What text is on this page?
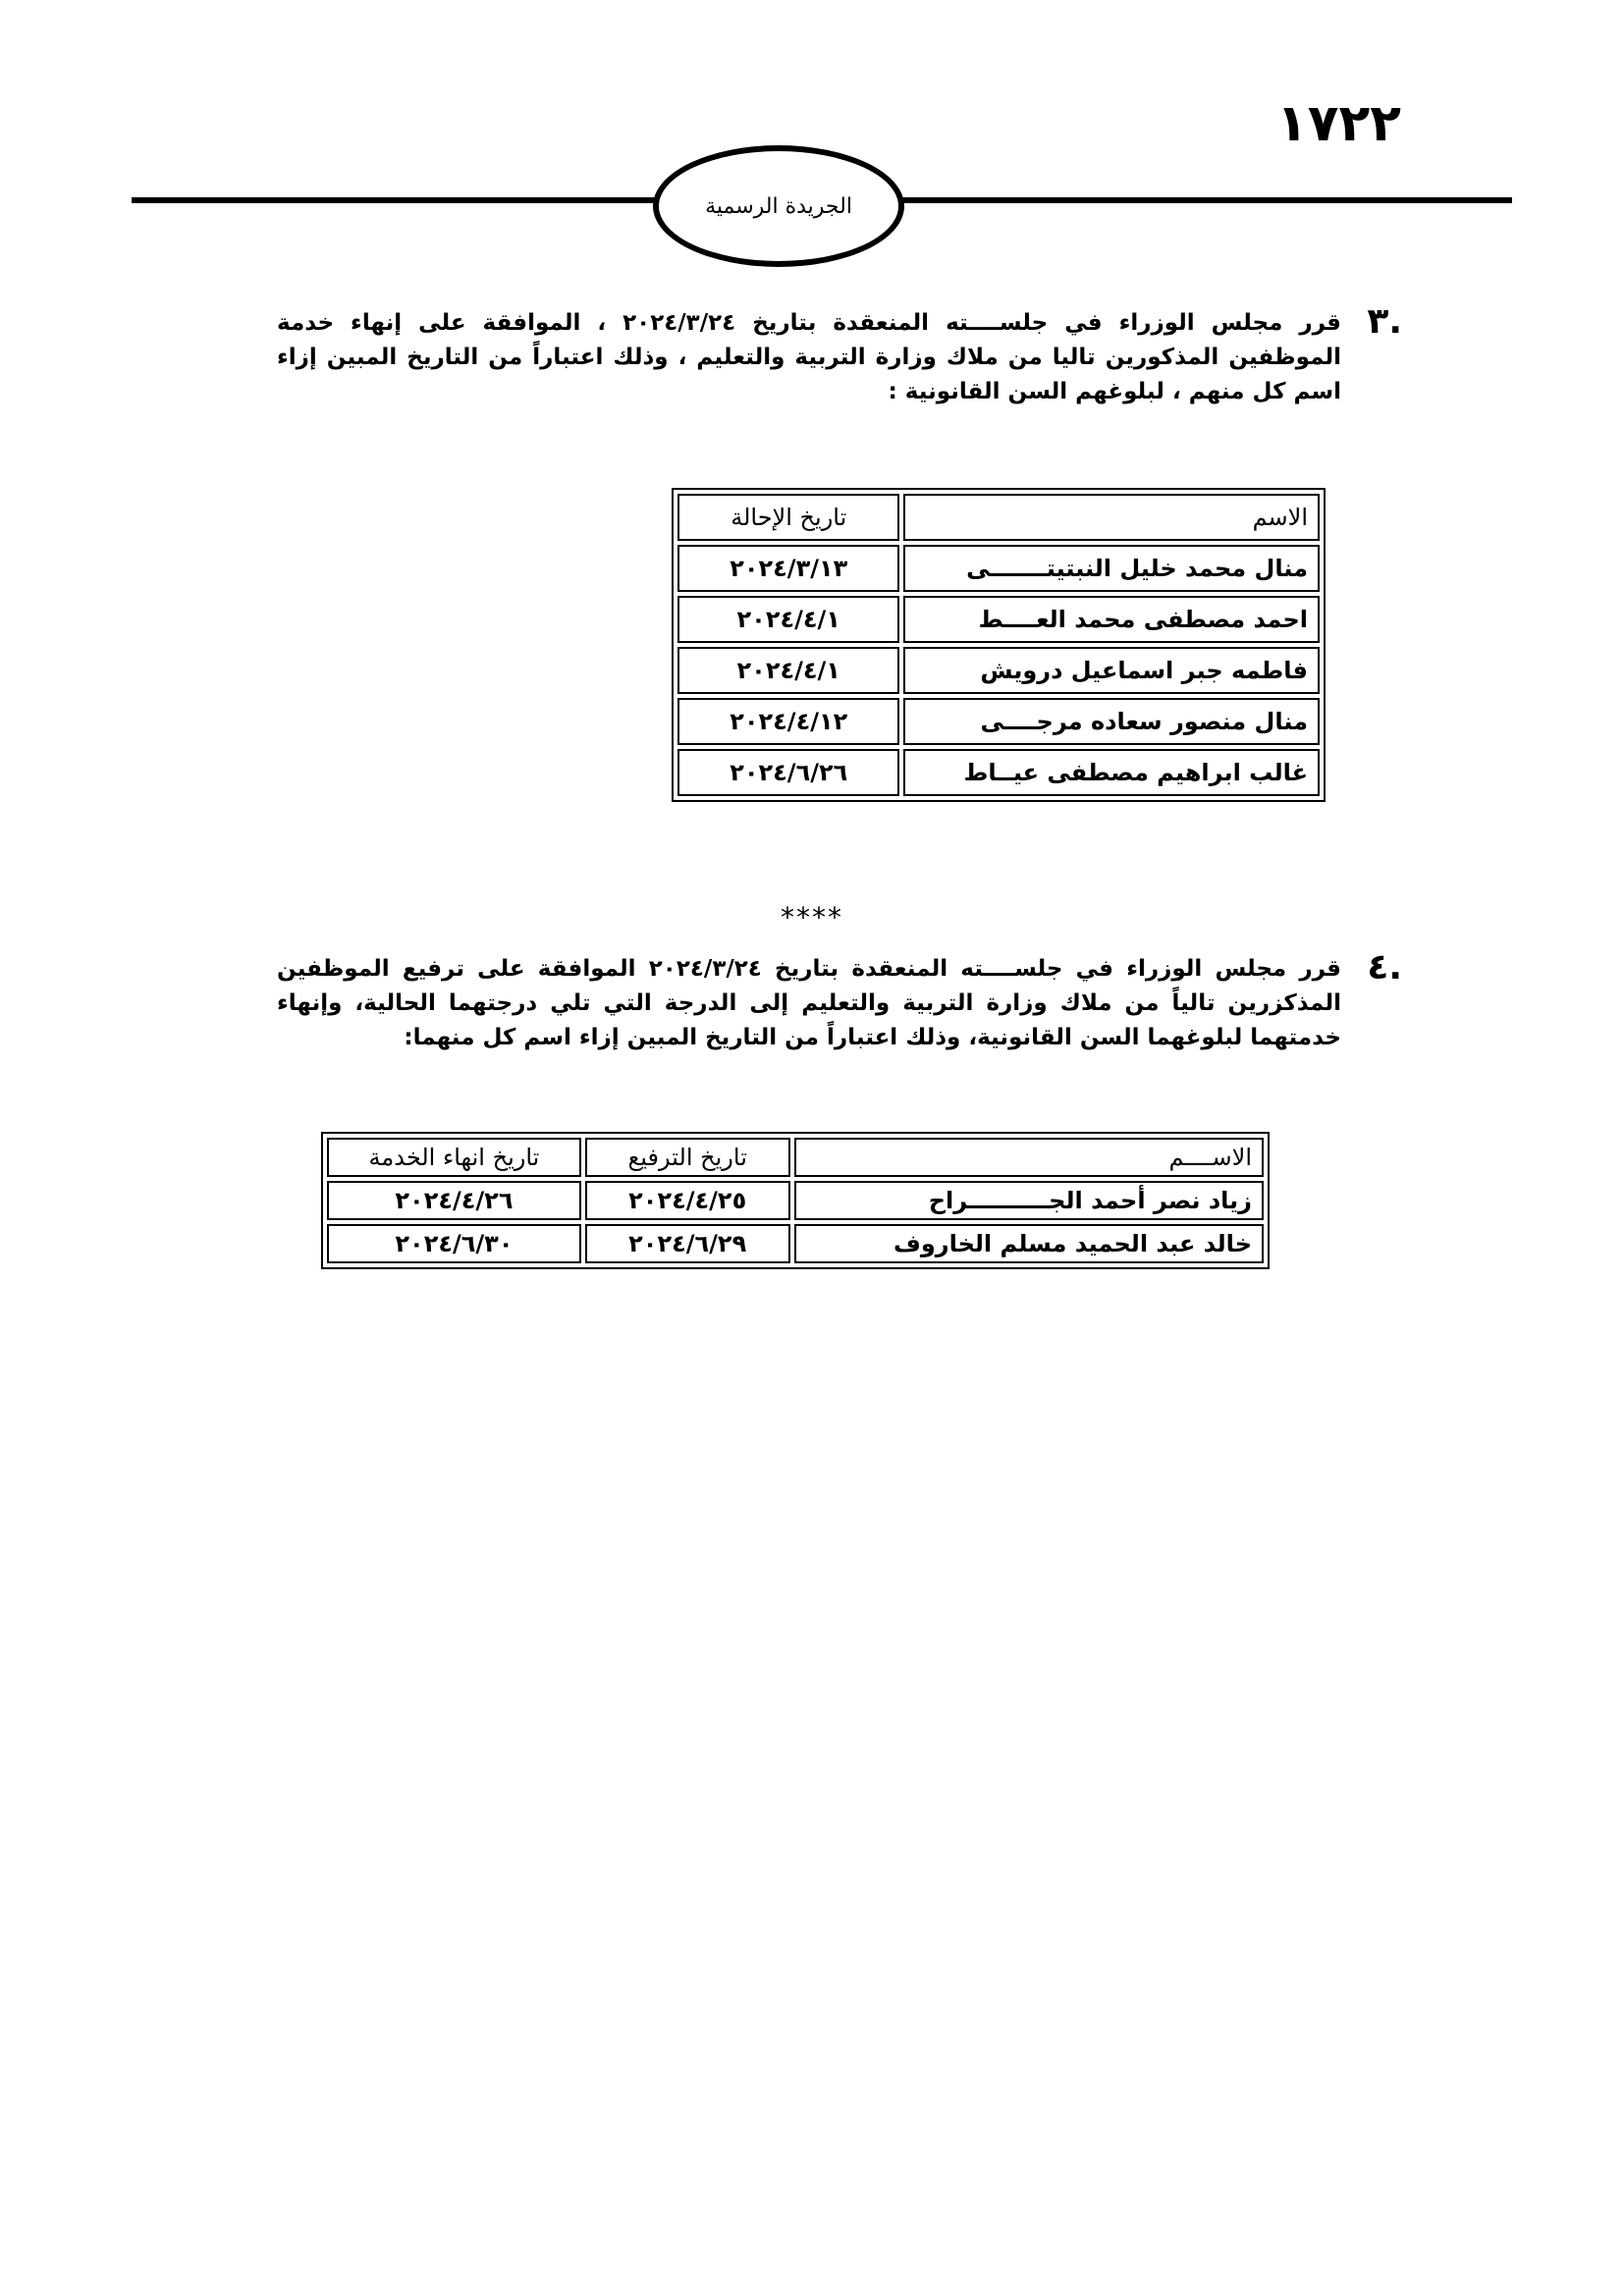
١٧٢٢
الجريدة الرسمية
.٣

قرر مجلس الوزراء في جلســــته المنعقدة بتاريخ ٢٠٢٤/٣/٢٤ ، الموافقة على إنهاء خدمة الموظفين المذكورين تاليا من ملاك وزارة التربية والتعليم ، وذلك اعتباراً من التاريخ المبين إزاء اسم كل منهم ، لبلوغهم السن القانونية :

الاسم	تاريخ الإحالة
منال محمد خليل النبتيتـــــــى	٢٠٢٤/٣/١٣
احمد مصطفى محمد العــــط	٢٠٢٤/٤/١
فاطمه جبر اسماعيل درويش	٢٠٢٤/٤/١
منال منصور سعاده مرجــــى	٢٠٢٤/٤/١٢
غالب ابراهيم مصطفى عيــاط	٢٠٢٤/٦/٢٦
****
.٤

قرر مجلس الوزراء في جلســــته المنعقدة بتاريخ ٢٠٢٤/٣/٢٤ الموافقة على ترفيع الموظفين المذكزرين تالياً من ملاك وزارة التربية والتعليم إلى الدرجة التي تلي درجتهما الحالية، وإنهاء خدمتهما لبلوغهما السن القانونية، وذلك اعتباراً من التاريخ المبين إزاء اسم كل منهما:

الاســــم	تاريخ الترفيع	تاريخ انهاء الخدمة
زياد نصر أحمد الجــــــــــراح	٢٠٢٤/٤/٢٥	٢٠٢٤/٤/٢٦
خالد عبد الحميد مسلم الخاروف	٢٠٢٤/٦/٢٩	٢٠٢٤/٦/٣٠
